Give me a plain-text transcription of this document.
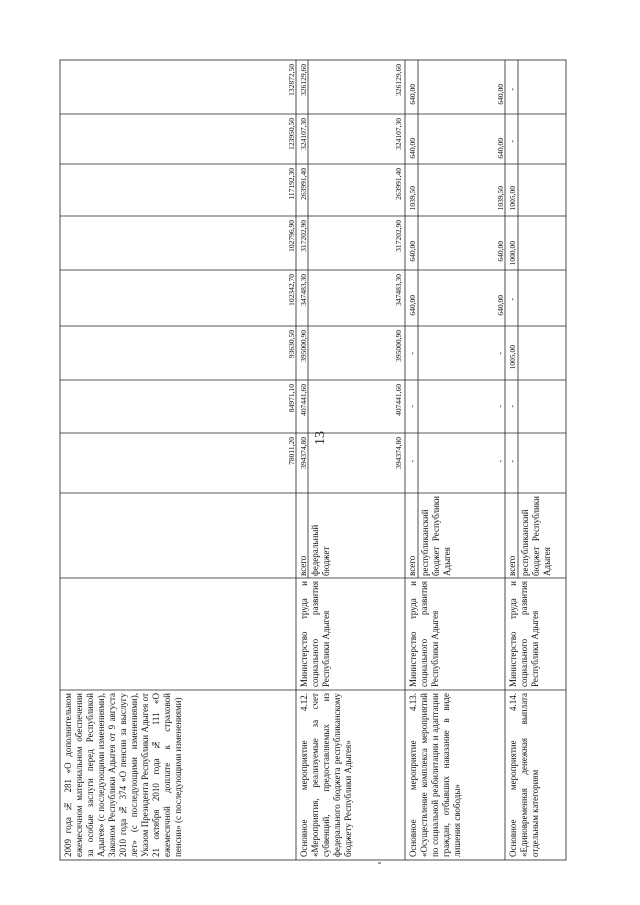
13
2009 года № 281 «О дополнительном ежемесячном материальном обеспечении за особые заслуги перед Республикой Адыгея» (с последующими изменениями), Законом Республики Адыгея от 9 августа 2010 года № 374 «О пенсии за выслугу лет» (с последующими изменениями), Указом Президента Республики Адыгея от 21 октября 2010 года № 111 «О ежемесячной доплате к страховой пенсии» (с последующими изменениями)	Основное мероприятие 4.12. «Мероприятия, реализуемые за счет субвенций, предоставляемых из федерального бюджета республиканскому бюджету Республики Адыгея»
Министерство труда и социального развития Республики Адыгея
всего федеральный бюджет
Основное мероприятие 4.13. «Осуществление комплекса мероприятий по социальной реабилитации и адаптации граждан, отбывших наказание в виде лишения свободы»
Министерство труда и социального развития Республики Адыгея
всего республиканский бюджет Республики Адыгея
Основное мероприятие 4.14. «Единовременная денежная выплата отдельным категориям
Министерство труда и социального развития Республики Адыгея
всего республиканский бюджет Республики Адыгея
78011,20
84971,10
93630,50
102342,70
102796,90
117192,30
123950,50
132872,50
394374,80
407441,60
395000,90
347483,30
317202,90
263991,40
324107,30
326129,60
394374,80
407441,60
395000,90
347483,30
317202,90
263991,40
324107,30
326129,60
-
-
-
640,00
640,00
1039,50
640,00
640,00
-
-
-
640,00
640,00
1039,50
640,00
640,00
-
-
1005,00
-
1000,00
1005,00
-
-
